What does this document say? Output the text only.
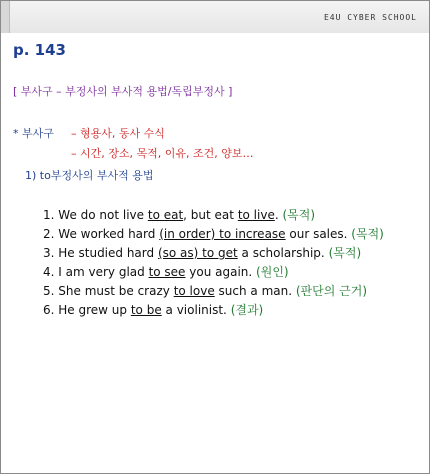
E4U CYBER SCHOOL
p. 143
[ 부사구 – 부정사의 부사적 용법/독립부정사 ]
* 부사구 – 형용사, 동사 수식
– 시간, 장소, 목적, 이유, 조건, 양보…
1) to부정사의 부사적 용법
1. We do not live to eat, but eat to live. (목적)
2. We worked hard (in order) to increase our sales. (목적)
3. He studied hard (so as) to get a scholarship. (목적)
4. I am very glad to see you again. (원인)
5. She must be crazy to love such a man. (판단의 근거)
6. He grew up to be a violinist. (결과)
